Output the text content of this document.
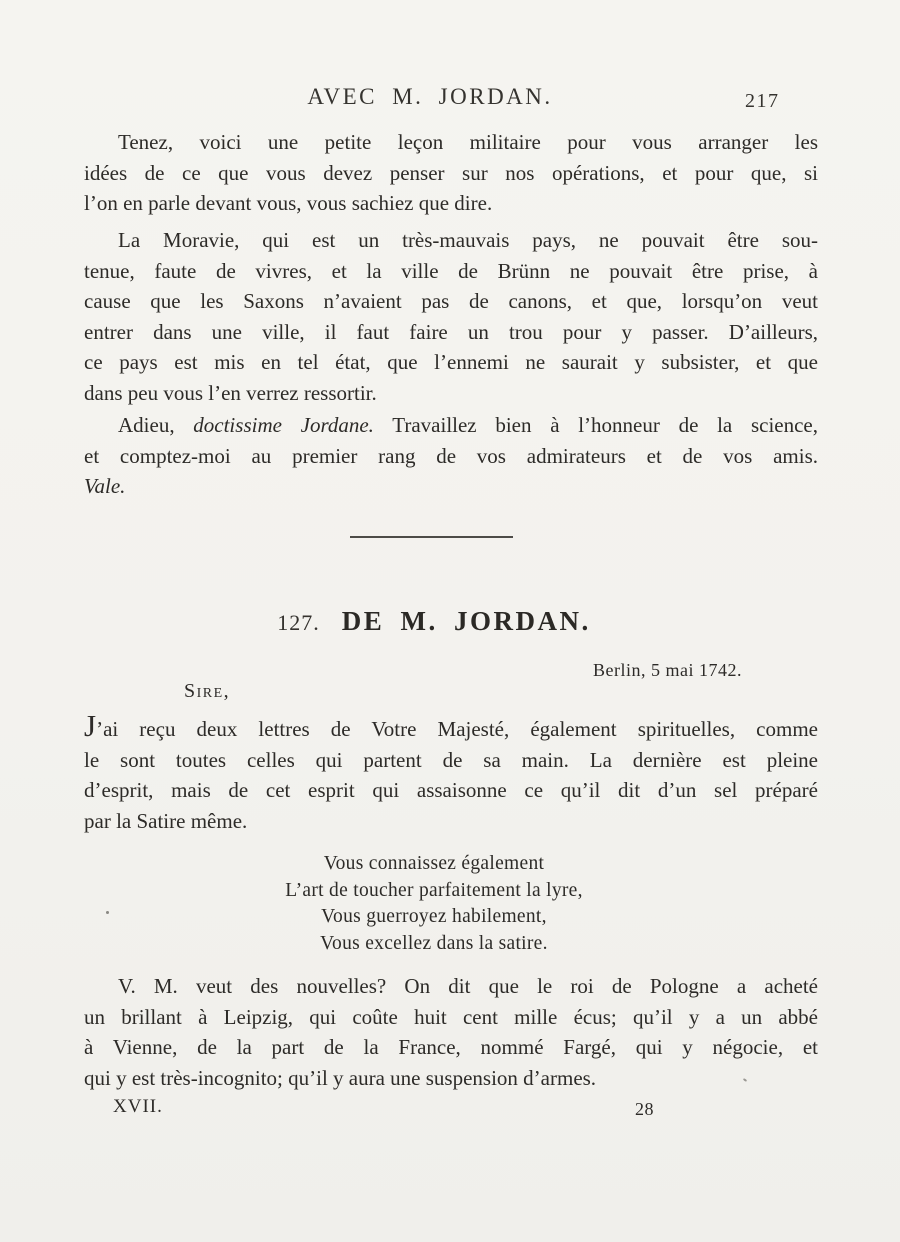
AVEC M. JORDAN.	217
Tenez, voici une petite leçon militaire pour vous arranger les
idées de ce que vous devez penser sur nos opérations, et pour que, si
l’on en parle devant vous, vous sachiez que dire.
La Moravie, qui est un très-mauvais pays, ne pouvait être sou-
tenue, faute de vivres, et la ville de Brünn ne pouvait être prise, à
cause que les Saxons n’avaient pas de canons, et que, lorsqu’on veut
entrer dans une ville, il faut faire un trou pour y passer. D’ailleurs,
ce pays est mis en tel état, que l’ennemi ne saurait y subsister, et que
dans peu vous l’en verrez ressortir.
Adieu, doctissime Jordane. Travaillez bien à l’honneur de la science,
et comptez-moi au premier rang de vos admirateurs et de vos amis.
Vale.
127. DE M. JORDAN.
Berlin, 5 mai 1742.
Sire,
J’ai reçu deux lettres de Votre Majesté, également spirituelles, comme
le sont toutes celles qui partent de sa main. La dernière est pleine
d’esprit, mais de cet esprit qui assaisonne ce qu’il dit d’un sel préparé
par la Satire même.
Vous connaissez également
L’art de toucher parfaitement la lyre,
Vous guerroyez habilement,
Vous excellez dans la satire.
V. M. veut des nouvelles? On dit que le roi de Pologne a acheté
un brillant à Leipzig, qui coûte huit cent mille écus; qu’il y a un abbé
à Vienne, de la part de la France, nommé Fargé, qui y négocie, et
qui y est très-incognito; qu’il y aura une suspension d’armes.
XVII.	28
